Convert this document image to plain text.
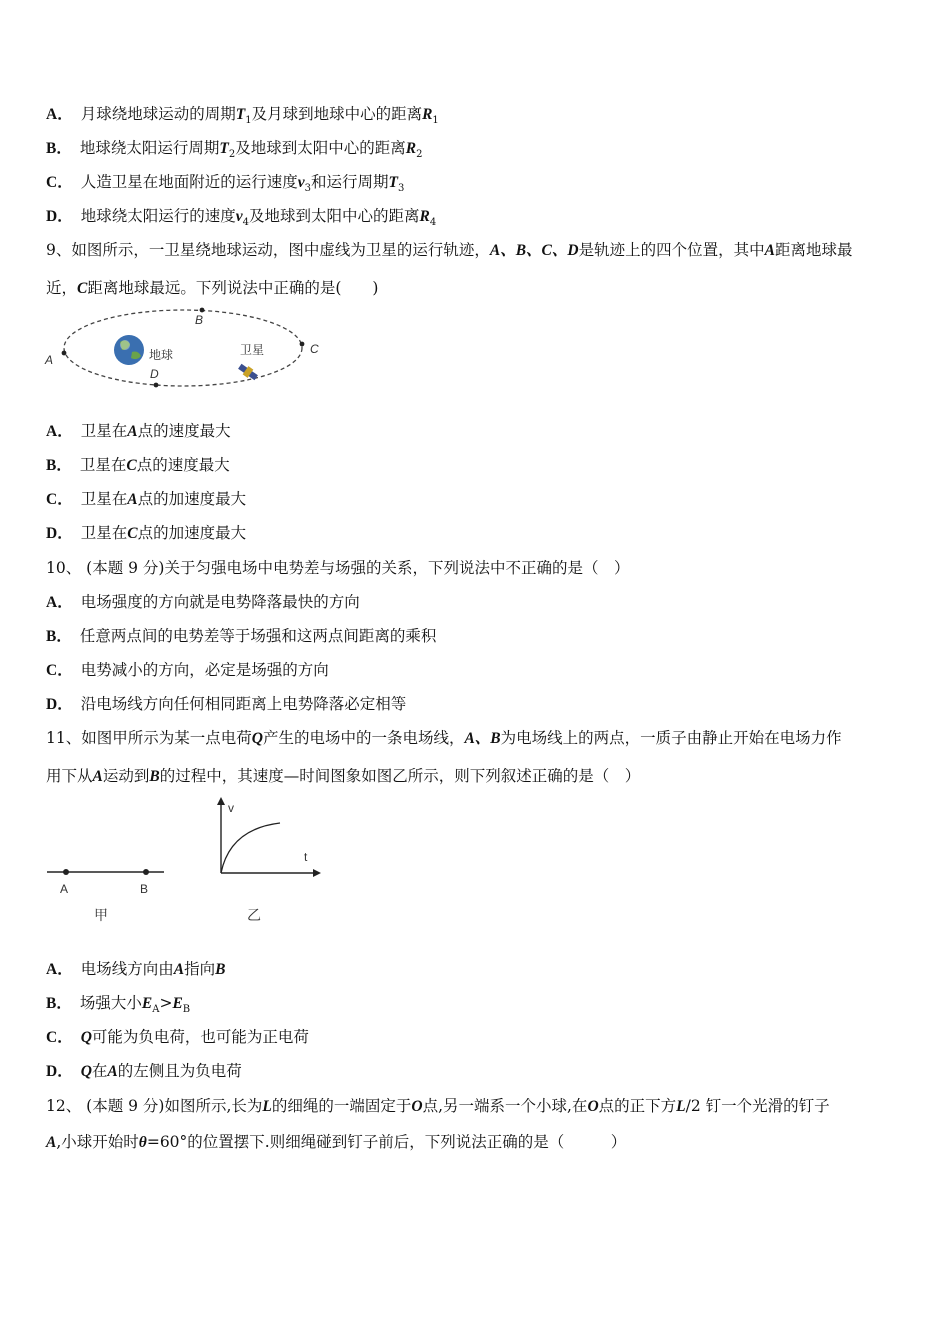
A． 月球绕地球运动的周期$T_1$及月球到地球中心的距离$R_1$
B． 地球绕太阳运行周期$T_2$及地球到太阳中心的距离$R_2$
C． 人造卫星在地面附近的运行速度$v_3$和运行周期$T_3$
D． 地球绕太阳运行的速度$v_4$及地球到太阳中心的距离$R_4$
9、如图所示，一卫星绕地球运动，图中虚线为卫星的运行轨迹，A、B、C、D是轨迹上的四个位置，其中A距离地球最
近，C距离地球最远。下列说法中正确的是(　　)
A
B
C
D
地球	卫星
A． 卫星在A点的速度最大
B． 卫星在C点的速度最大
C． 卫星在A点的加速度最大
D． 卫星在C点的加速度最大
10、 (本题 9 分)关于匀强电场中电势差与场强的关系，下列说法中不正确的是（　）
A． 电场强度的方向就是电势降落最快的方向
B． 任意两点间的电势差等于场强和这两点间距离的乘积
C． 电势减小的方向，必定是场强的方向
D． 沿电场线方向任何相同距离上电势降落必定相等
11、如图甲所示为某一点电荷Q产生的电场中的一条电场线，A、B为电场线上的两点，一质子由静止开始在电场力作
用下从A运动到B的过程中，其速度—时间图象如图乙所示，则下列叙述正确的是（　）
A	B
甲
v
t
乙
A． 电场线方向由A指向B
B． 场强大小$E_A>E_B$
C． Q可能为负电荷，也可能为正电荷
D． Q在A的左侧且为负电荷
12、 (本题 9 分)如图所示,长为L的细绳的一端固定于O点,另一端系一个小球,在O点的正下方L/2 钉一个光滑的钉子
A,小球开始时θ=60°的位置摆下.则细绳碰到钉子前后，下列说法正确的是（　　　）
